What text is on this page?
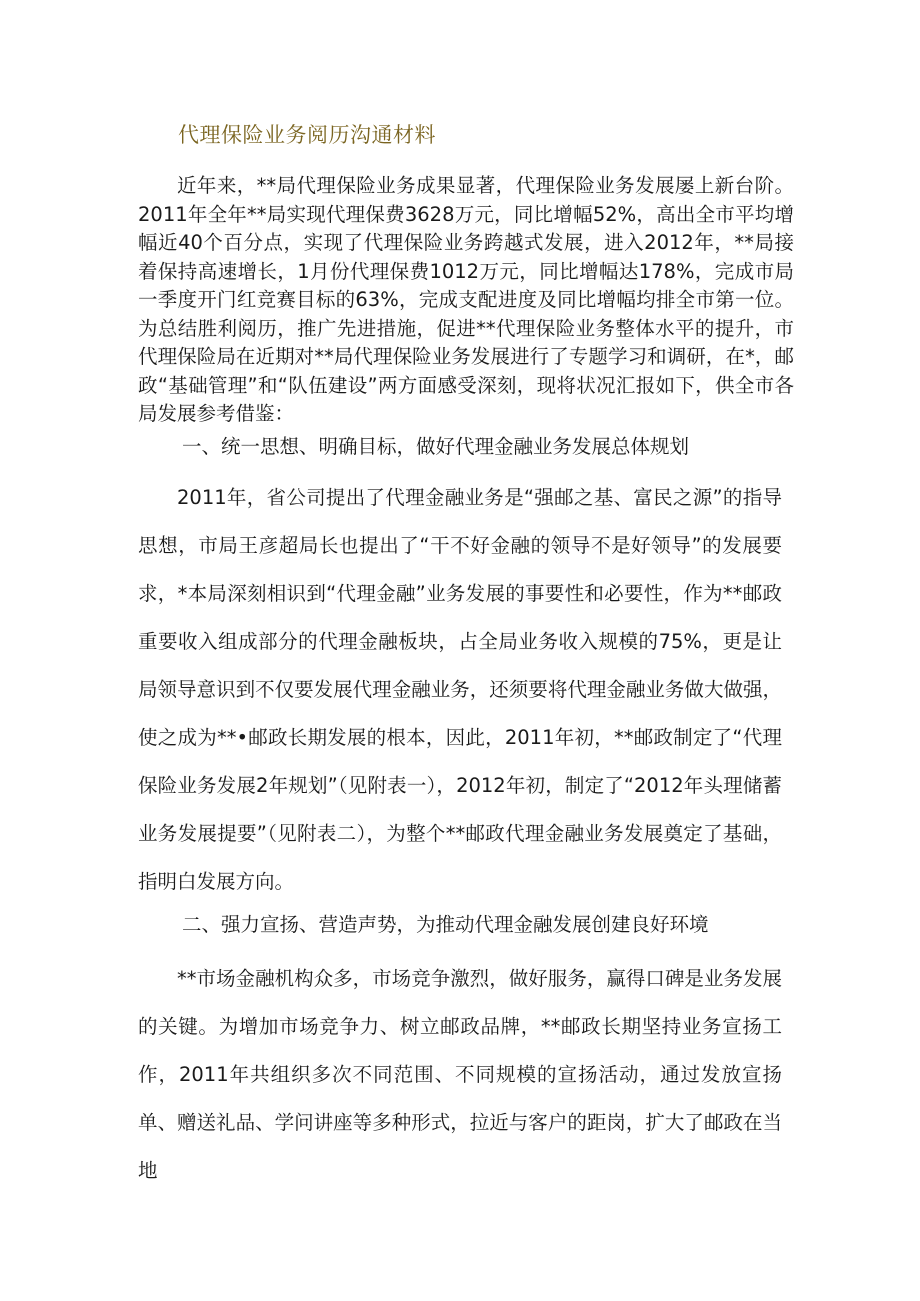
代理保险业务阅历沟通材料

近年来，**局代理保险业务成果显著，代理保险业务发展屡上新台阶。2011年全年**局实现代理保费3628万元，同比增幅52%，高出全市平均增幅近40个百分点，实现了代理保险业务跨越式发展，进入2012年，**局接着保持高速增长，1月份代理保费1012万元，同比增幅达178%，完成市局一季度开门红竞赛目标的63%，完成支配进度及同比增幅均排全市第一位。为总结胜利阅历，推广先进措施，促进**代理保险业务整体水平的提升，市代理保险局在近期对**局代理保险业务发展进行了专题学习和调研，在*，邮政“基础管理”和“队伍建设”两方面感受深刻，现将状况汇报如下，供全市各局发展参考借鉴：

一、统一思想、明确目标，做好代理金融业务发展总体规划

2011年，省公司提出了代理金融业务是“强邮之基、富民之源”的指导思想，市局王彦超局长也提出了“干不好金融的领导不是好领导”的发展要求，*本局深刻相识到“代理金融”业务发展的事要性和必要性，作为**邮政重要收入组成部分的代理金融板块，占全局业务收入规模的75%，更是让局领导意识到不仅要发展代理金融业务，还须要将代理金融业务做大做强，使之成为**•邮政长期发展的根本，因此，2011年初，**邮政制定了“代理保险业务发展2年规划”（见附表一），2012年初，制定了“2012年头理储蓄业务发展提要”（见附表二），为整个**邮政代理金融业务发展奠定了基础，指明白发展方向。

二、强力宣扬、营造声势，为推动代理金融发展创建良好环境

**市场金融机构众多，市场竞争激烈，做好服务，赢得口碑是业务发展的关键。为增加市场竞争力、树立邮政品牌，**邮政长期坚持业务宣扬工作，2011年共组织多次不同范围、不同规模的宣扬活动，通过发放宣扬单、赠送礼品、学问讲座等多种形式，拉近与客户的距岗，扩大了邮政在当地
